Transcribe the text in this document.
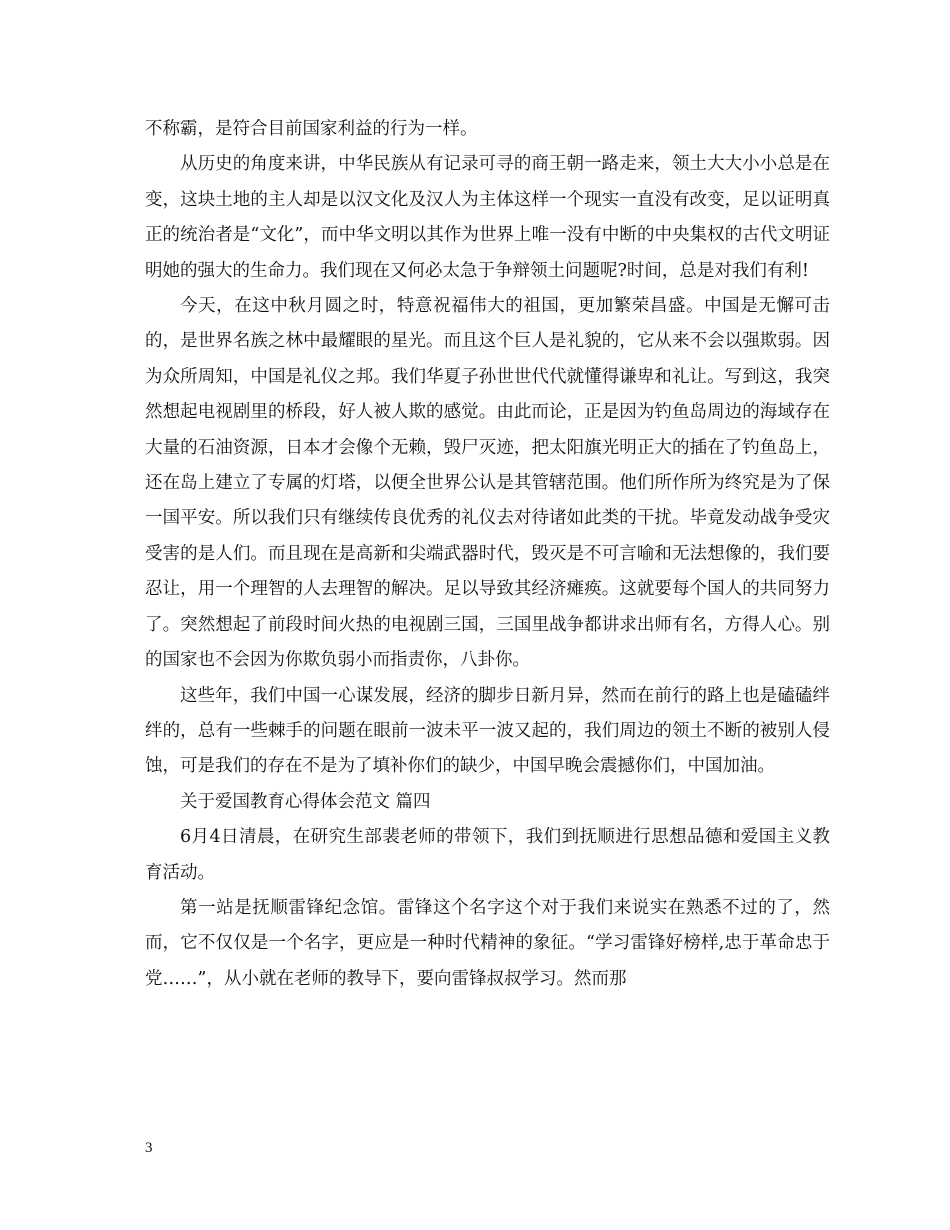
不称霸，是符合目前国家利益的行为一样。

从历史的角度来讲，中华民族从有记录可寻的商王朝一路走来，领土大大小小总是在变，这块土地的主人却是以汉文化及汉人为主体这样一个现实一直没有改变，足以证明真正的统治者是“文化”，而中华文明以其作为世界上唯一没有中断的中央集权的古代文明证明她的强大的生命力。我们现在又何必太急于争辩领土问题呢?时间，总是对我们有利!

今天，在这中秋月圆之时，特意祝福伟大的祖国，更加繁荣昌盛。中国是无懈可击的，是世界名族之林中最耀眼的星光。而且这个巨人是礼貌的，它从来不会以强欺弱。因为众所周知，中国是礼仪之邦。我们华夏子孙世世代代就懂得谦卑和礼让。写到这，我突然想起电视剧里的桥段，好人被人欺的感觉。由此而论，正是因为钓鱼岛周边的海域存在大量的石油资源，日本才会像个无赖，毁尸灭迹，把太阳旗光明正大的插在了钓鱼岛上，还在岛上建立了专属的灯塔，以便全世界公认是其管辖范围。他们所作所为终究是为了保一国平安。所以我们只有继续传良优秀的礼仪去对待诸如此类的干扰。毕竟发动战争受灾受害的是人们。而且现在是高新和尖端武器时代，毁灭是不可言喻和无法想像的，我们要忍让，用一个理智的人去理智的解决。足以导致其经济瘫痪。这就要每个国人的共同努力了。突然想起了前段时间火热的电视剧三国，三国里战争都讲求出师有名，方得人心。别的国家也不会因为你欺负弱小而指责你，八卦你。

这些年，我们中国一心谋发展，经济的脚步日新月异，然而在前行的路上也是磕磕绊绊的，总有一些棘手的问题在眼前一波未平一波又起的，我们周边的领土不断的被别人侵蚀，可是我们的存在不是为了填补你们的缺少，中国早晚会震撼你们，中国加油。

关于爱国教育心得体会范文 篇四

6月4日清晨，在研究生部裴老师的带领下，我们到抚顺进行思想品德和爱国主义教育活动。

第一站是抚顺雷锋纪念馆。雷锋这个名字这个对于我们来说实在熟悉不过的了，然而，它不仅仅是一个名字，更应是一种时代精神的象征。“学习雷锋好榜样,忠于革命忠于党……”，从小就在老师的教导下，要向雷锋叔叔学习。然而那

3
